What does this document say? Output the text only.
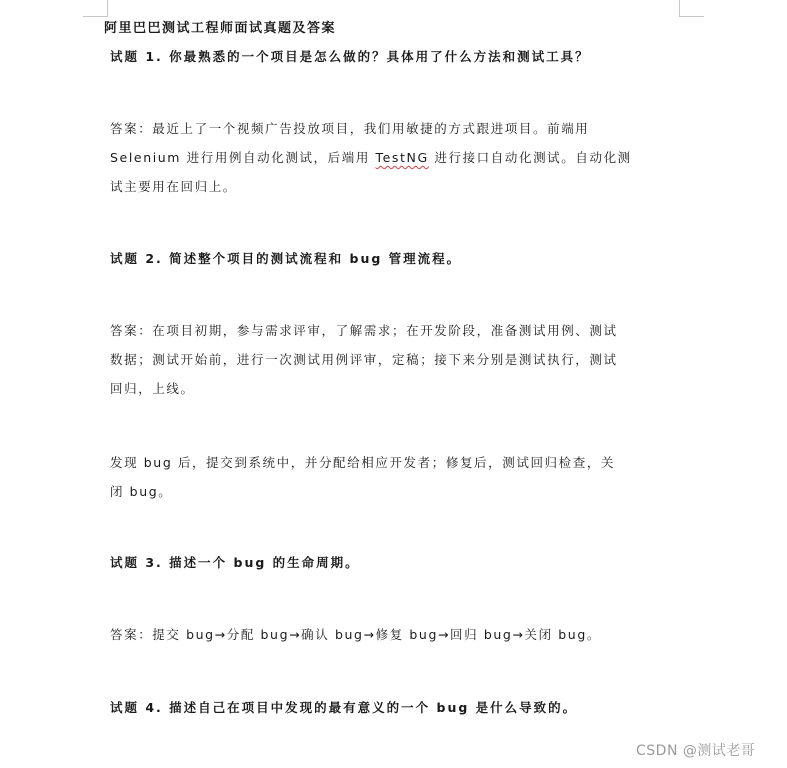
阿里巴巴测试工程师面试真题及答案
试题 1. 你最熟悉的一个项目是怎么做的？具体用了什么方法和测试工具？
答案：最近上了一个视频广告投放项目，我们用敏捷的方式跟进项目。前端用
Selenium 进行用例自动化测试，后端用 TestNG 进行接口自动化测试。自动化测
试主要用在回归上。
试题 2. 简述整个项目的测试流程和 bug 管理流程。
答案：在项目初期，参与需求评审，了解需求；在开发阶段，准备测试用例、测试
数据；测试开始前，进行一次测试用例评审，定稿；接下来分别是测试执行，测试
回归，上线。
发现 bug 后，提交到系统中，并分配给相应开发者；修复后，测试回归检查，关
闭 bug。
试题 3. 描述一个 bug 的生命周期。
答案：提交 bug→分配 bug→确认 bug→修复 bug→回归 bug→关闭 bug。
试题 4. 描述自己在项目中发现的最有意义的一个 bug 是什么导致的。
CSDN @测试老哥
